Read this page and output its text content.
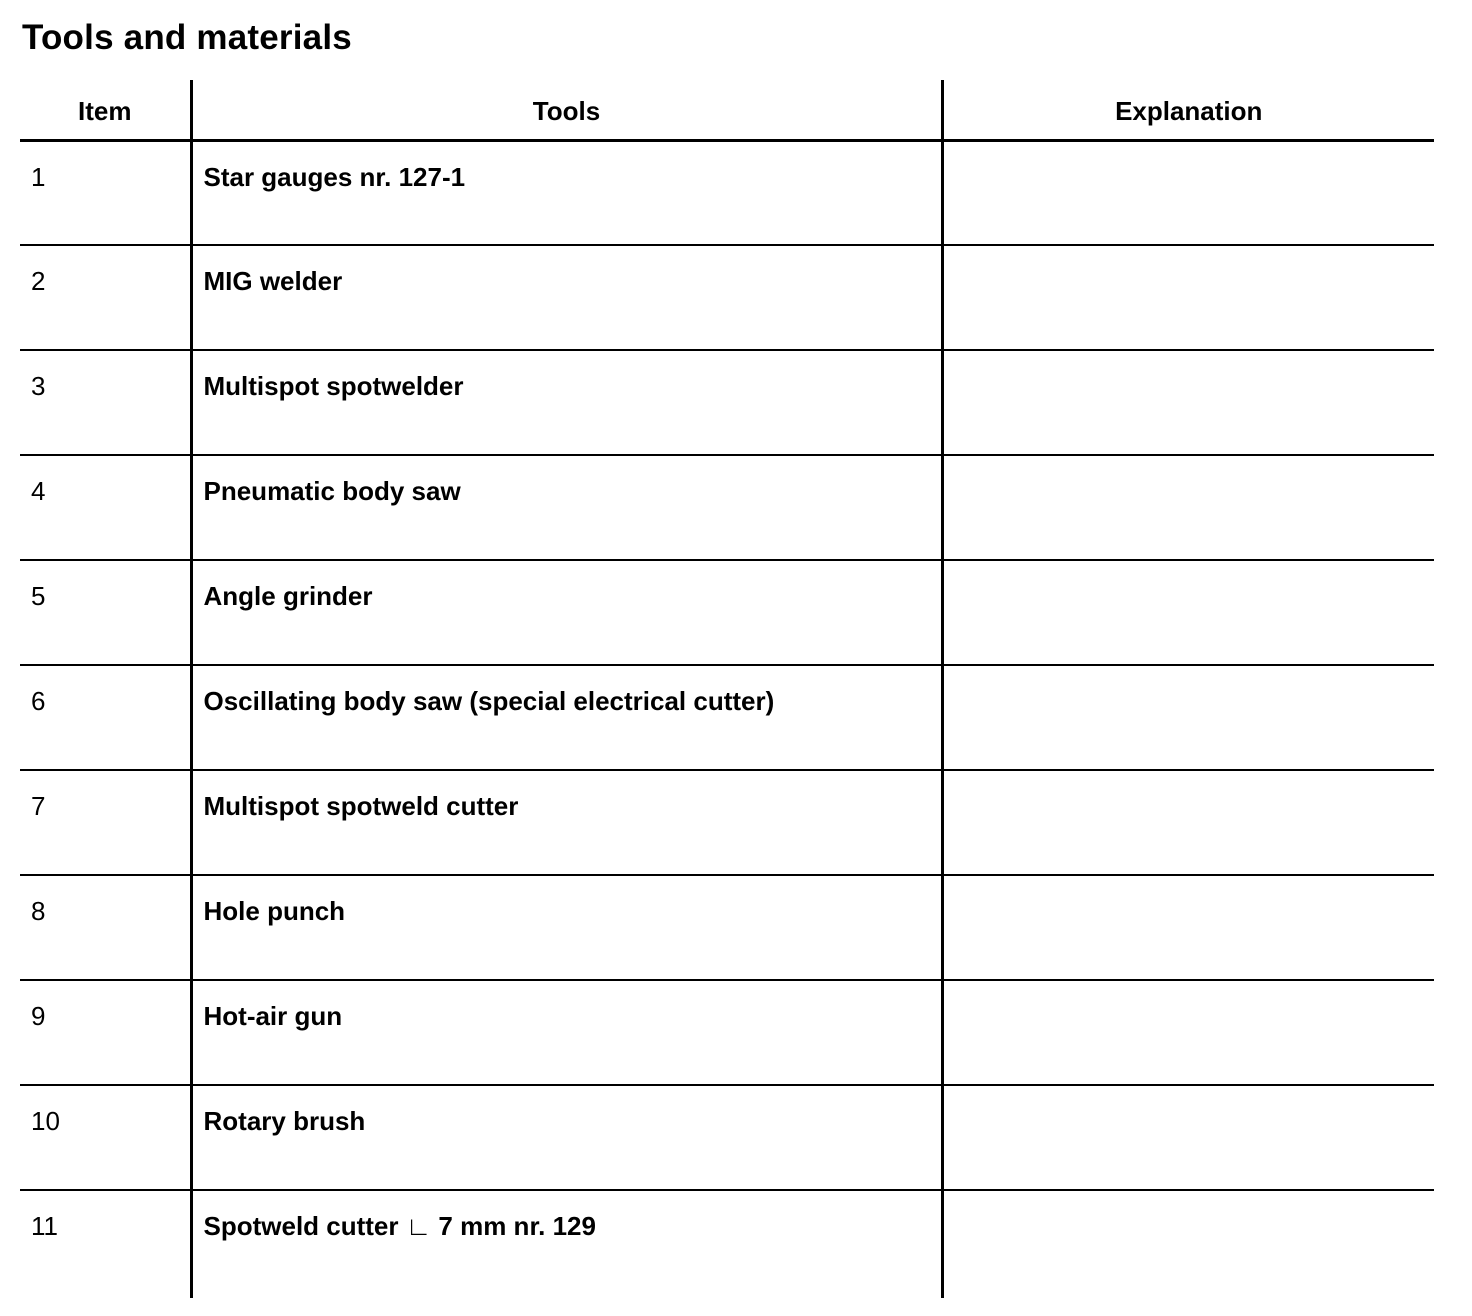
Tools and materials
Item	Tools	Explanation
1	Star gauges nr. 127-1	
2	MIG welder	
3	Multispot spotwelder	
4	Pneumatic body saw	
5	Angle grinder	
6	Oscillating body saw (special electrical cutter)	
7	Multispot spotweld cutter	
8	Hole punch	
9	Hot-air gun	
10	Rotary brush	
11	Spotweld cutter ∟ 7 mm nr. 129	
